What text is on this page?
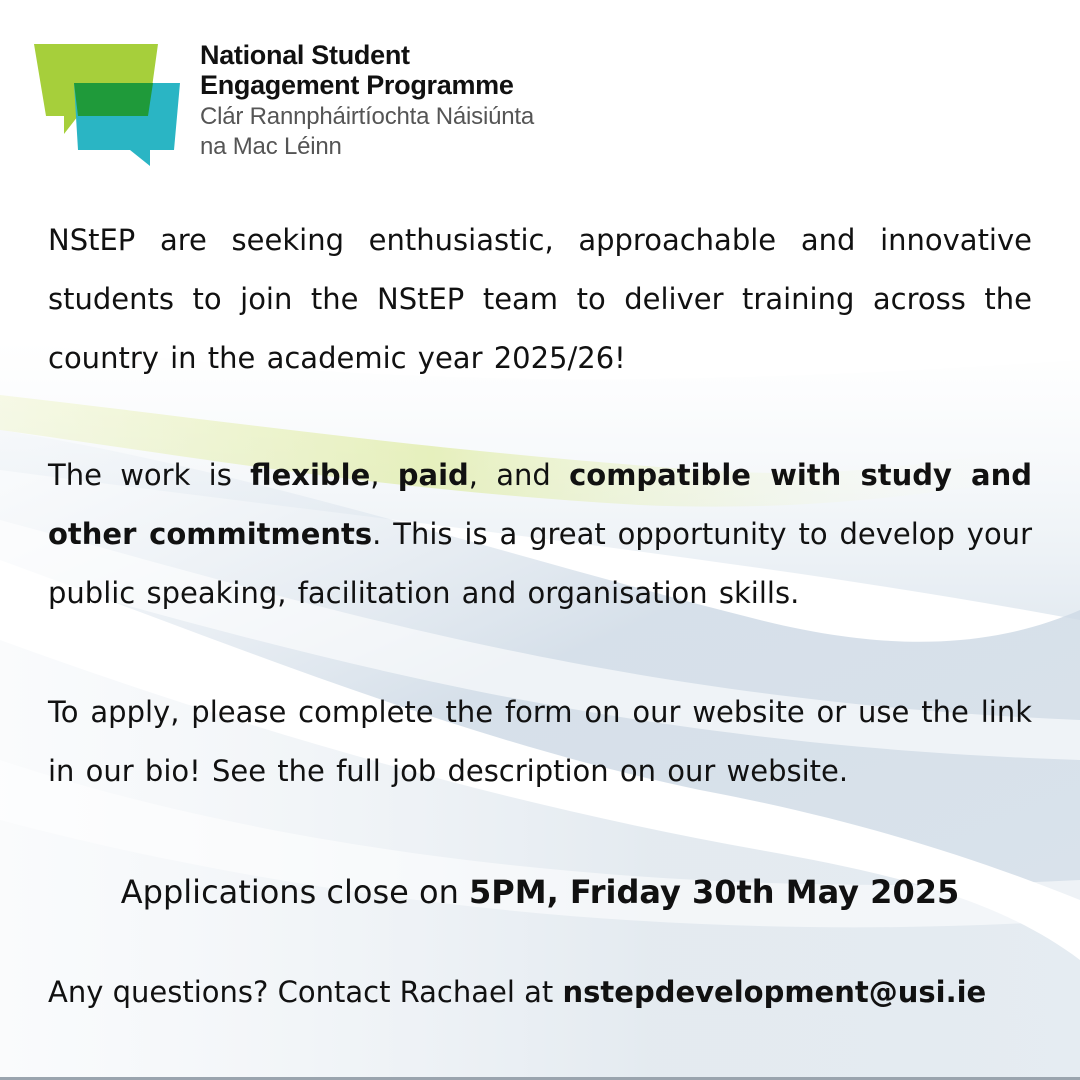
National Student
Engagement Programme
Clár Rannpháirtíochta Náisiúnta
na Mac Léinn
NStEP are seeking enthusiastic, approachable and innovative students to join the NStEP team to deliver training across the country in the academic year 2025/26!
The work is flexible, paid, and compatible with study and other commitments. This is a great opportunity to develop your public speaking, facilitation and organisation skills.
To apply, please complete the form on our website or use the link in our bio! See the full job description on our website.
Applications close on 5PM, Friday 30th May 2025
Any questions? Contact Rachael at nstepdevelopment@usi.ie
